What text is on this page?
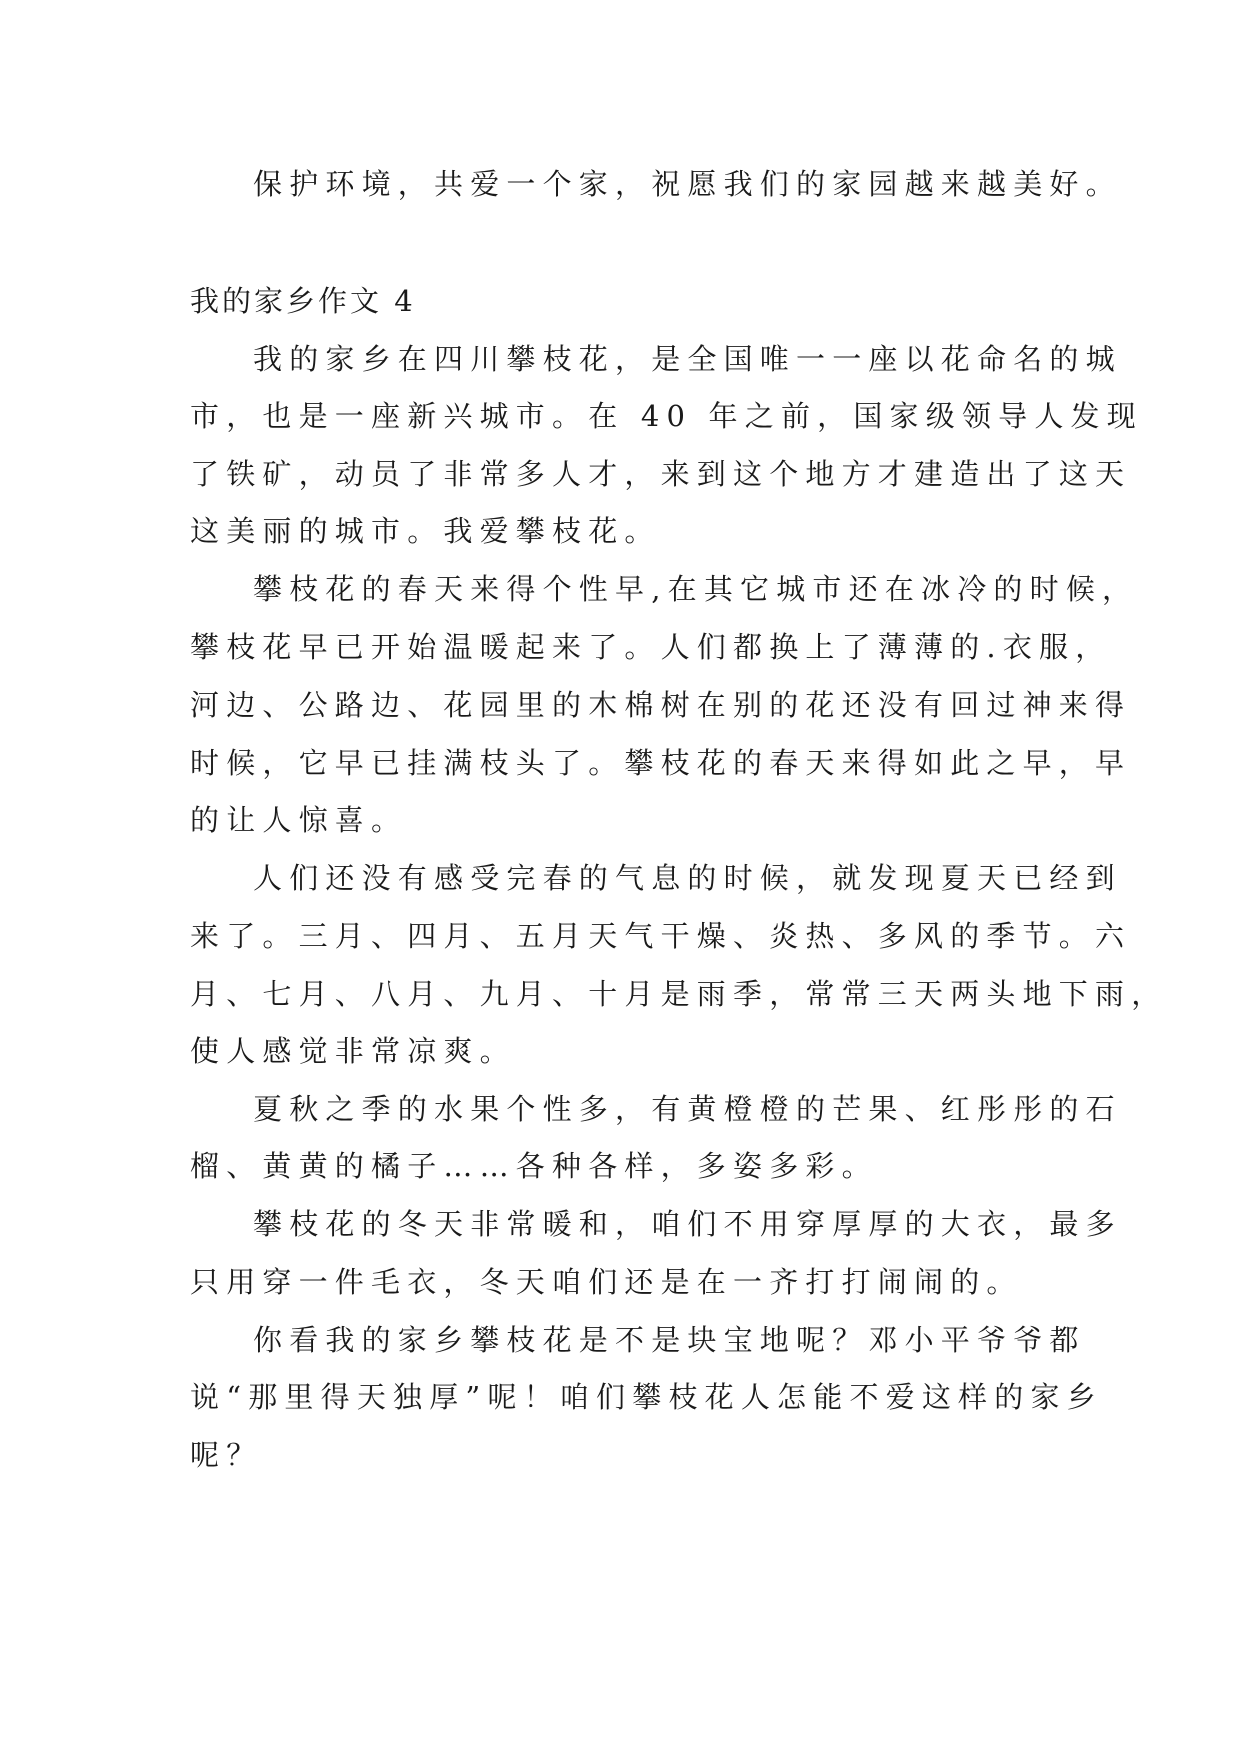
保护环境，共爱一个家，祝愿我们的家园越来越美好。
我的家乡作文 4
我的家乡在四川攀枝花，是全国唯一一座以花命名的城
市，也是一座新兴城市。在 40 年之前，国家级领导人发现
了铁矿，动员了非常多人才，来到这个地方才建造出了这天
这美丽的城市。我爱攀枝花。
攀枝花的春天来得个性早,在其它城市还在冰冷的时候，
攀枝花早已开始温暖起来了。人们都换上了薄薄的.衣服，
河边、公路边、花园里的木棉树在别的花还没有回过神来得
时候，它早已挂满枝头了。攀枝花的春天来得如此之早，早
的让人惊喜。
人们还没有感受完春的气息的时候，就发现夏天已经到
来了。三月、四月、五月天气干燥、炎热、多风的季节。六
月、七月、八月、九月、十月是雨季，常常三天两头地下雨，
使人感觉非常凉爽。
夏秋之季的水果个性多，有黄橙橙的芒果、红彤彤的石
榴、黄黄的橘子……各种各样，多姿多彩。
攀枝花的冬天非常暖和，咱们不用穿厚厚的大衣，最多
只用穿一件毛衣，冬天咱们还是在一齐打打闹闹的。
你看我的家乡攀枝花是不是块宝地呢？邓小平爷爷都
说“那里得天独厚”呢！咱们攀枝花人怎能不爱这样的家乡
呢？
